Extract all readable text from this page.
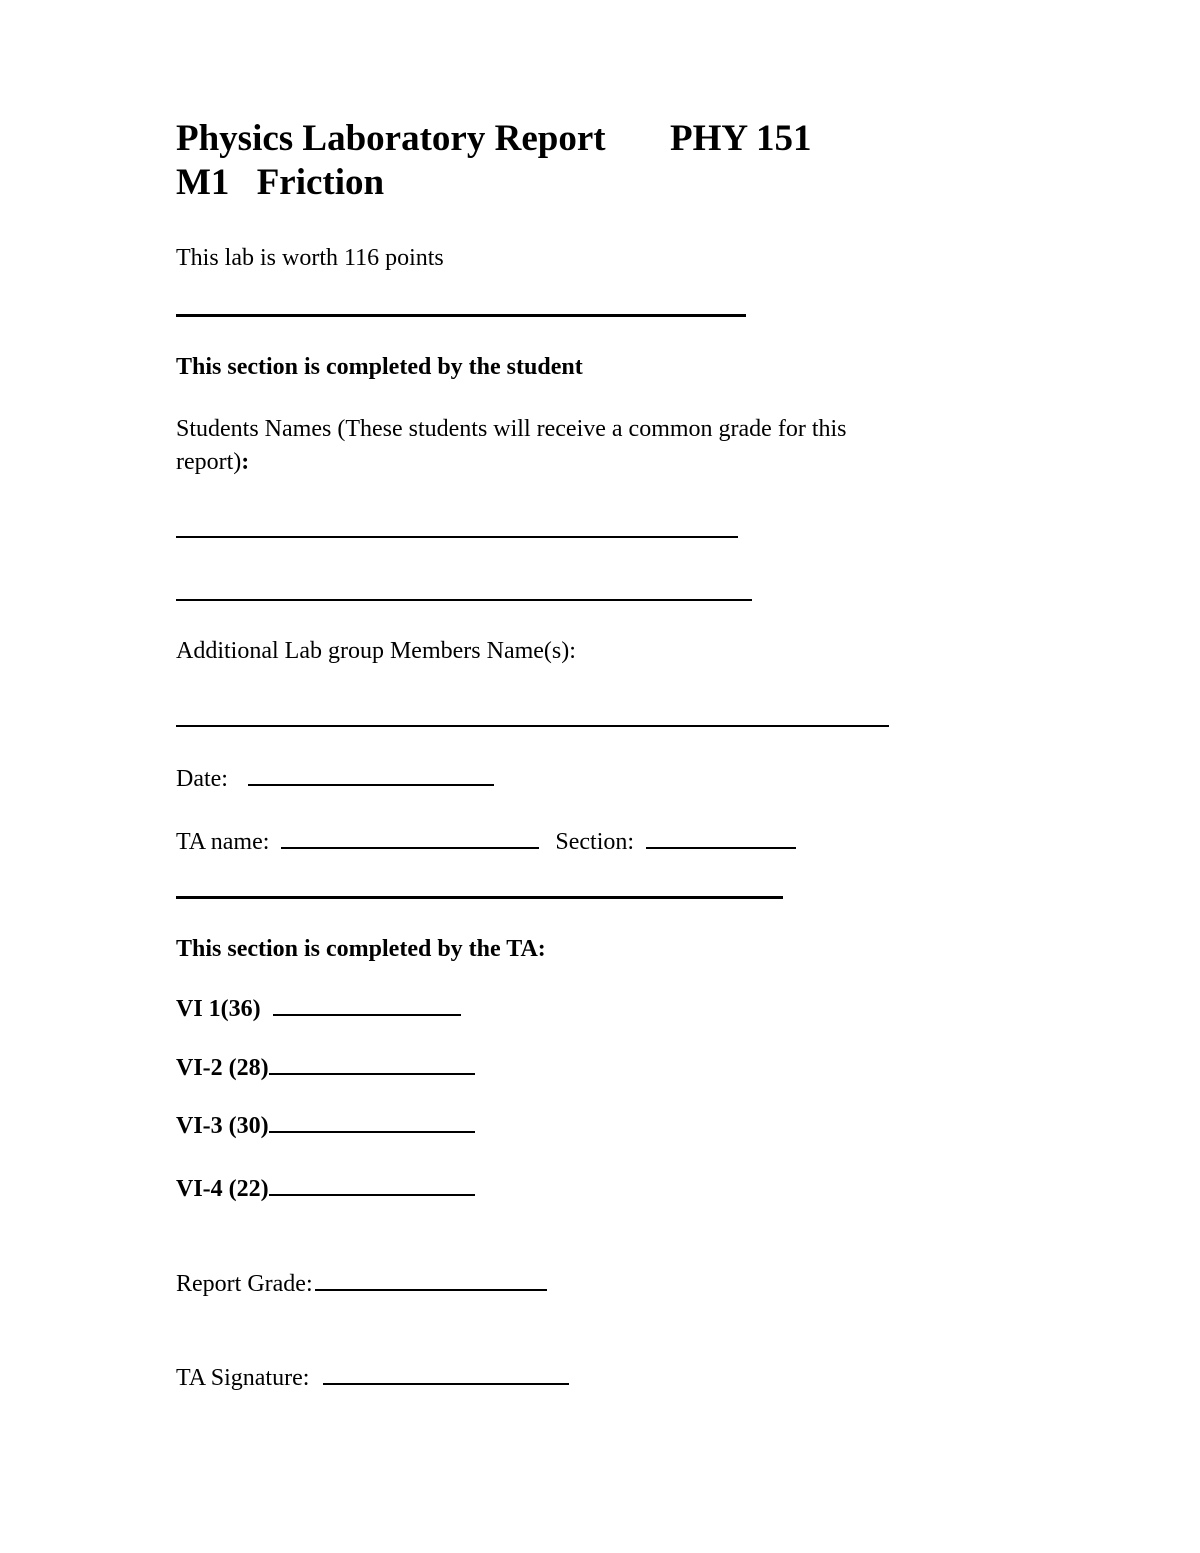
Physics Laboratory Report PHY 151
M1 Friction
This lab is worth 116 points
This section is completed by the student
Students Names (These students will receive a common grade for this
report):
Additional Lab group Members Name(s):
Date:
TA name:	Section:
This section is completed by the TA:
VI 1(36)
VI-2 (28)
VI-3 (30)
VI-4 (22)
Report Grade:
TA Signature:
